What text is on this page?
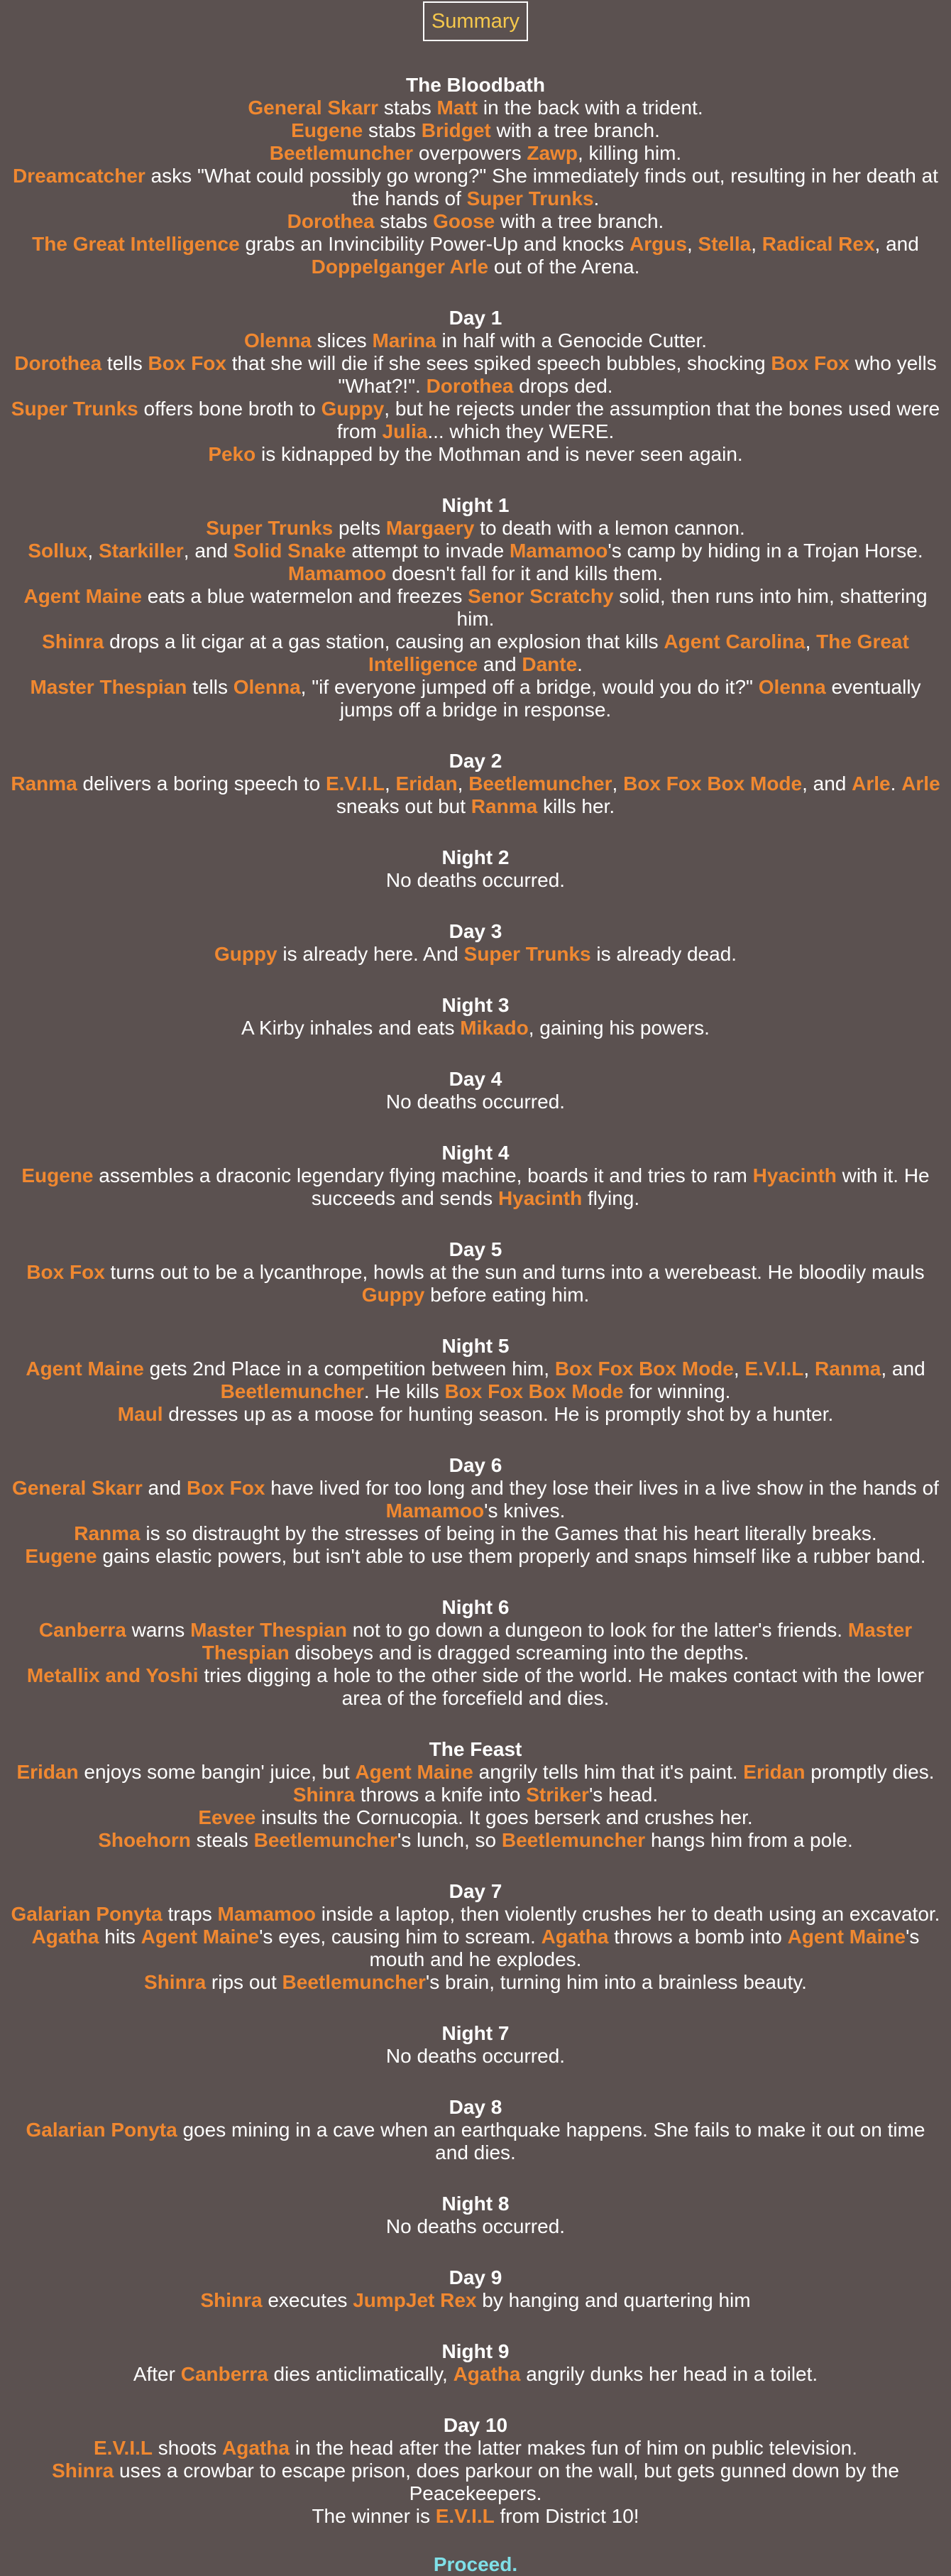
Summary
The Bloodbath
General Skarr stabs Matt in the back with a trident.
Eugene stabs Bridget with a tree branch.
Beetlemuncher overpowers Zawp, killing him.
Dreamcatcher asks "What could possibly go wrong?" She immediately finds out, resulting in her death at the hands of Super Trunks.
Dorothea stabs Goose with a tree branch.
The Great Intelligence grabs an Invincibility Power-Up and knocks Argus, Stella, Radical Rex, and Doppelganger Arle out of the Arena.
Day 1
Olenna slices Marina in half with a Genocide Cutter.
Dorothea tells Box Fox that she will die if she sees spiked speech bubbles, shocking Box Fox who yells "What?!". Dorothea drops ded.
Super Trunks offers bone broth to Guppy, but he rejects under the assumption that the bones used were from Julia... which they WERE.
Peko is kidnapped by the Mothman and is never seen again.
Night 1
Super Trunks pelts Margaery to death with a lemon cannon.
Sollux, Starkiller, and Solid Snake attempt to invade Mamamoo's camp by hiding in a Trojan Horse.
Mamamoo doesn't fall for it and kills them.
Agent Maine eats a blue watermelon and freezes Senor Scratchy solid, then runs into him, shattering him.
Shinra drops a lit cigar at a gas station, causing an explosion that kills Agent Carolina, The Great Intelligence and Dante.
Master Thespian tells Olenna, "if everyone jumped off a bridge, would you do it?" Olenna eventually jumps off a bridge in response.
Day 2
Ranma delivers a boring speech to E.V.I.L, Eridan, Beetlemuncher, Box Fox Box Mode, and Arle. Arle sneaks out but Ranma kills her.
Night 2
No deaths occurred.
Day 3
Guppy is already here. And Super Trunks is already dead.
Night 3
A Kirby inhales and eats Mikado, gaining his powers.
Day 4
No deaths occurred.
Night 4
Eugene assembles a draconic legendary flying machine, boards it and tries to ram Hyacinth with it. He succeeds and sends Hyacinth flying.
Day 5
Box Fox turns out to be a lycanthrope, howls at the sun and turns into a werebeast. He bloodily mauls Guppy before eating him.
Night 5
Agent Maine gets 2nd Place in a competition between him, Box Fox Box Mode, E.V.I.L, Ranma, and Beetlemuncher. He kills Box Fox Box Mode for winning.
Maul dresses up as a moose for hunting season. He is promptly shot by a hunter.
Day 6
General Skarr and Box Fox have lived for too long and they lose their lives in a live show in the hands of Mamamoo's knives.
Ranma is so distraught by the stresses of being in the Games that his heart literally breaks.
Eugene gains elastic powers, but isn't able to use them properly and snaps himself like a rubber band.
Night 6
Canberra warns Master Thespian not to go down a dungeon to look for the latter's friends. Master Thespian disobeys and is dragged screaming into the depths.
Metallix and Yoshi tries digging a hole to the other side of the world. He makes contact with the lower area of the forcefield and dies.
The Feast
Eridan enjoys some bangin' juice, but Agent Maine angrily tells him that it's paint. Eridan promptly dies.
Shinra throws a knife into Striker's head.
Eevee insults the Cornucopia. It goes berserk and crushes her.
Shoehorn steals Beetlemuncher's lunch, so Beetlemuncher hangs him from a pole.
Day 7
Galarian Ponyta traps Mamamoo inside a laptop, then violently crushes her to death using an excavator.
Agatha hits Agent Maine's eyes, causing him to scream. Agatha throws a bomb into Agent Maine's mouth and he explodes.
Shinra rips out Beetlemuncher's brain, turning him into a brainless beauty.
Night 7
No deaths occurred.
Day 8
Galarian Ponyta goes mining in a cave when an earthquake happens. She fails to make it out on time and dies.
Night 8
No deaths occurred.
Day 9
Shinra executes JumpJet Rex by hanging and quartering him
Night 9
After Canberra dies anticlimatically, Agatha angrily dunks her head in a toilet.
Day 10
E.V.I.L shoots Agatha in the head after the latter makes fun of him on public television.
Shinra uses a crowbar to escape prison, does parkour on the wall, but gets gunned down by the Peacekeepers.
The winner is E.V.I.L from District 10!
Proceed.
